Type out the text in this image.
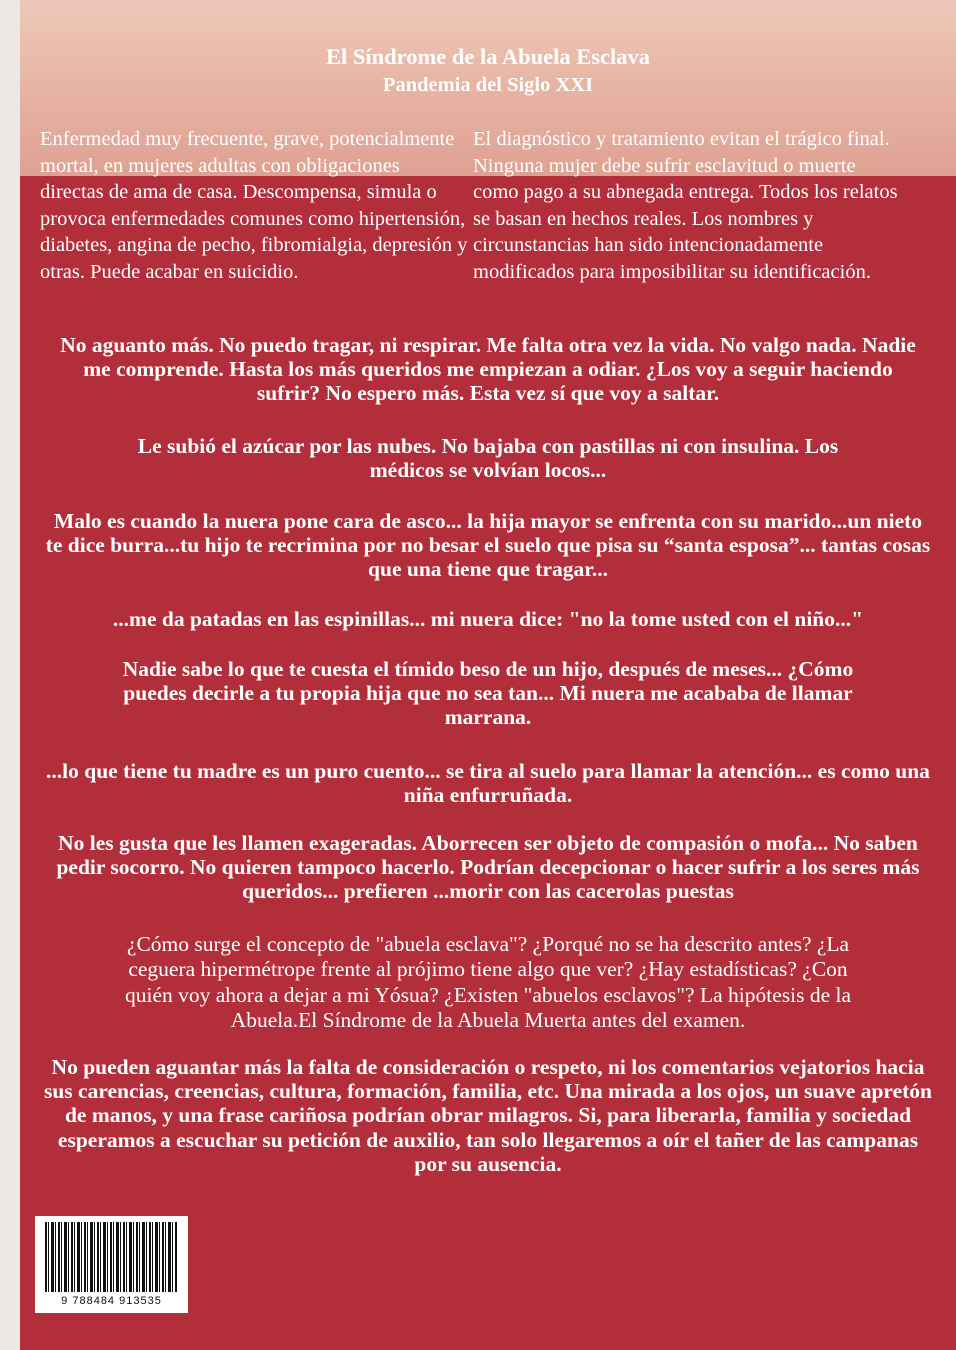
El Síndrome de la Abuela Esclava
Pandemia del Siglo XXI

Enfermedad muy frecuente, grave, potencialmente mortal, en mujeres adultas con obligaciones directas de ama de casa. Descompensa, simula o provoca enfermedades comunes como hipertensión, diabetes, angina de pecho, fibromialgia, depresión y otras. Puede acabar en suicidio.

El diagnóstico y tratamiento evitan el trágico final. Ninguna mujer debe sufrir esclavitud o muerte como pago a su abnegada entrega. Todos los relatos se basan en hechos reales. Los nombres y circunstancias han sido intencionadamente modificados para imposibilitar su identificación.

No aguanto más. No puedo tragar, ni respirar. Me falta otra vez la vida. No valgo nada. Nadie me comprende. Hasta los más queridos me empiezan a odiar. ¿Los voy a seguir haciendo sufrir? No espero más. Esta vez sí que voy a saltar.

Le subió el azúcar por las nubes. No bajaba con pastillas ni con insulina. Los médicos se volvían locos...

Malo es cuando la nuera pone cara de asco... la hija mayor se enfrenta con su marido...un nieto te dice burra...tu hijo te recrimina por no besar el suelo que pisa su “santa esposa”... tantas cosas que una tiene que tragar...

...me da patadas en las espinillas... mi nuera dice: "no la tome usted con el niño..."

Nadie sabe lo que te cuesta el tímido beso de un hijo, después de meses... ¿Cómo puedes decirle a tu propia hija que no sea tan... Mi nuera me acababa de llamar marrana.

...lo que tiene tu madre es un puro cuento... se tira al suelo para llamar la atención... es como una niña enfurruñada.

No les gusta que les llamen exageradas. Aborrecen ser objeto de compasión o mofa... No saben pedir socorro. No quieren tampoco hacerlo. Podrían decepcionar o hacer sufrir a los seres más queridos... prefieren ...morir con las cacerolas puestas

¿Cómo surge el concepto de "abuela esclava"? ¿Porqué no se ha descrito antes? ¿La ceguera hipermétrope frente al prójimo tiene algo que ver? ¿Hay estadísticas? ¿Con quién voy ahora a dejar a mi Yósua? ¿Existen "abuelos esclavos"? La hipótesis de la Abuela.El Síndrome de la Abuela Muerta antes del examen.

No pueden aguantar más la falta de consideración o respeto, ni los comentarios vejatorios hacia sus carencias, creencias, cultura, formación, familia, etc. Una mirada a los ojos, un suave apretón de manos, y una frase cariñosa podrían obrar milagros. Si, para liberarla, familia y sociedad esperamos a escuchar su petición de auxilio, tan solo llegaremos a oír el tañer de las campanas por su ausencia.

9 788484 913535
